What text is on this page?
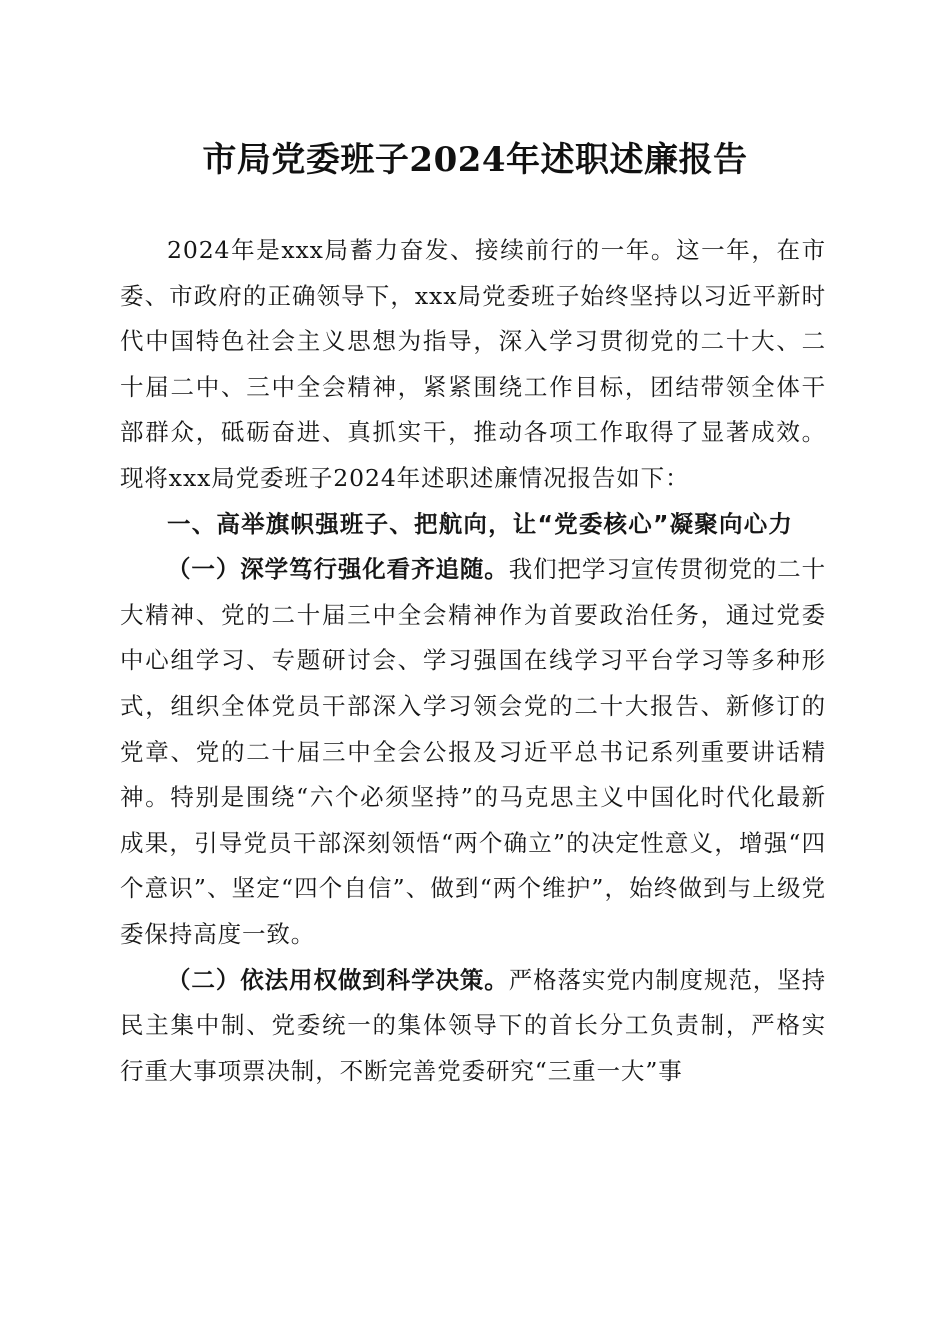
市局党委班子2024年述职述廉报告

2024年是xxx局蓄力奋发、接续前行的一年。这一年，在市委、市政府的正确领导下，xxx局党委班子始终坚持以习近平新时代中国特色社会主义思想为指导，深入学习贯彻党的二十大、二十届二中、三中全会精神，紧紧围绕工作目标，团结带领全体干部群众，砥砺奋进、真抓实干，推动各项工作取得了显著成效。现将xxx局党委班子2024年述职述廉情况报告如下：

一、高举旗帜强班子、把航向，让“党委核心”凝聚向心力

（一）深学笃行强化看齐追随。我们把学习宣传贯彻党的二十大精神、党的二十届三中全会精神作为首要政治任务，通过党委中心组学习、专题研讨会、学习强国在线学习平台学习等多种形式，组织全体党员干部深入学习领会党的二十大报告、新修订的党章、党的二十届三中全会公报及习近平总书记系列重要讲话精神。特别是围绕“六个必须坚持”的马克思主义中国化时代化最新成果，引导党员干部深刻领悟“两个确立”的决定性意义，增强“四个意识”、坚定“四个自信”、做到“两个维护”，始终做到与上级党委保持高度一致。

（二）依法用权做到科学决策。严格落实党内制度规范，坚持民主集中制、党委统一的集体领导下的首长分工负责制，严格实行重大事项票决制，不断完善党委研究“三重一大”事
